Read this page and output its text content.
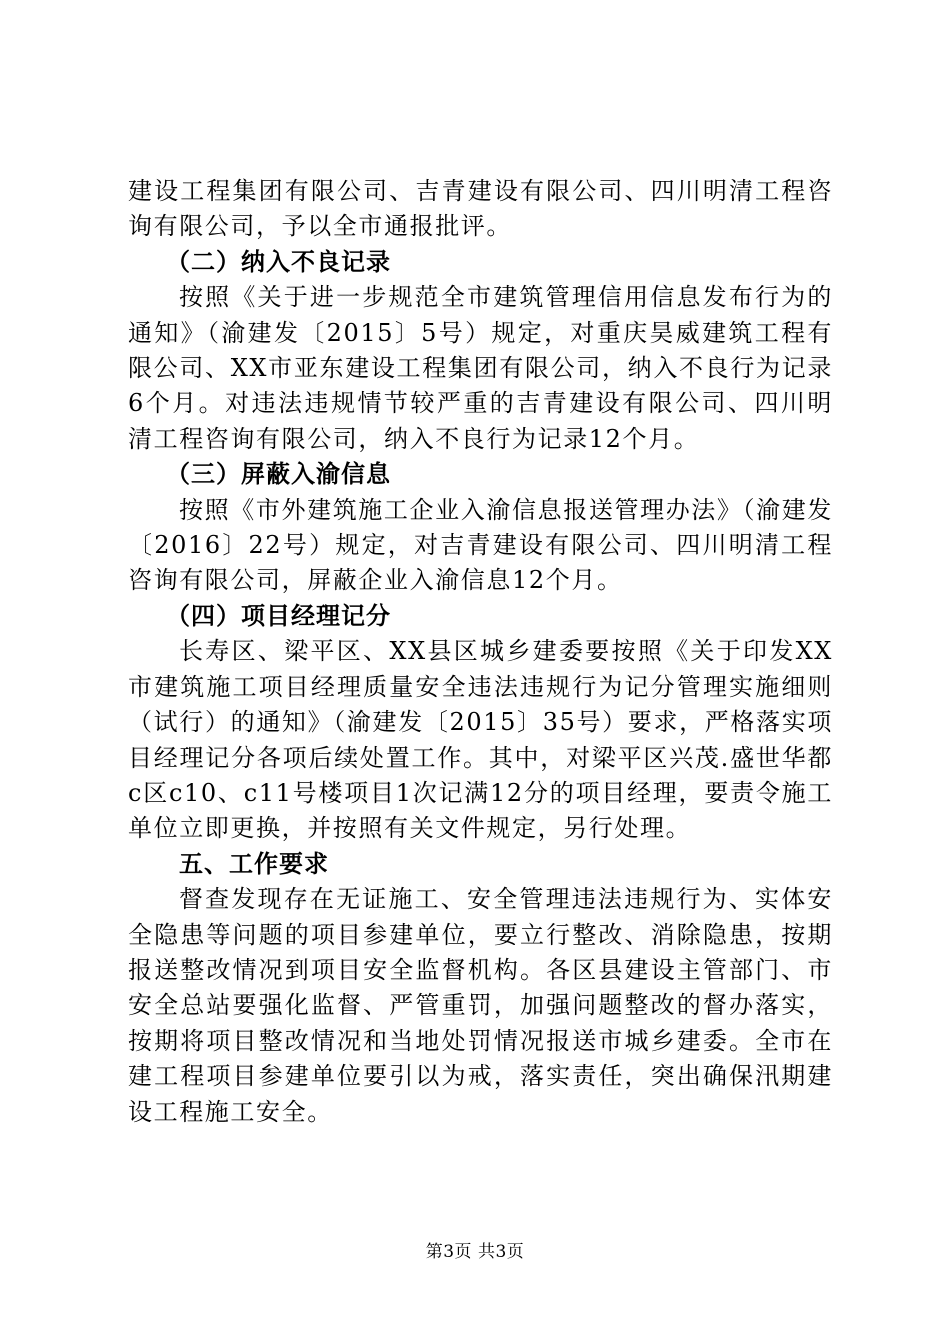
建设工程集团有限公司、吉青建设有限公司、四川明清工程咨询有限公司，予以全市通报批评。

（二）纳入不良记录

按照《关于进一步规范全市建筑管理信用信息发布行为的通知》（渝建发〔2015〕5号）规定，对重庆昊威建筑工程有限公司、XX市亚东建设工程集团有限公司，纳入不良行为记录6个月。对违法违规情节较严重的吉青建设有限公司、四川明清工程咨询有限公司，纳入不良行为记录12个月。

（三）屏蔽入渝信息

按照《市外建筑施工企业入渝信息报送管理办法》（渝建发〔2016〕22号）规定，对吉青建设有限公司、四川明清工程咨询有限公司，屏蔽企业入渝信息12个月。

（四）项目经理记分

长寿区、梁平区、XX县区城乡建委要按照《关于印发XX市建筑施工项目经理质量安全违法违规行为记分管理实施细则（试行）的通知》（渝建发〔2015〕35号）要求，严格落实项目经理记分各项后续处置工作。其中，对梁平区兴茂.盛世华都c区c10、c11号楼项目1次记满12分的项目经理，要责令施工单位立即更换，并按照有关文件规定，另行处理。

五、工作要求

督查发现存在无证施工、安全管理违法违规行为、实体安全隐患等问题的项目参建单位，要立行整改、消除隐患，按期报送整改情况到项目安全监督机构。各区县建设主管部门、市安全总站要强化监督、严管重罚，加强问题整改的督办落实，按期将项目整改情况和当地处罚情况报送市城乡建委。全市在建工程项目参建单位要引以为戒，落实责任，突出确保汛期建设工程施工安全。

第3页 共3页
